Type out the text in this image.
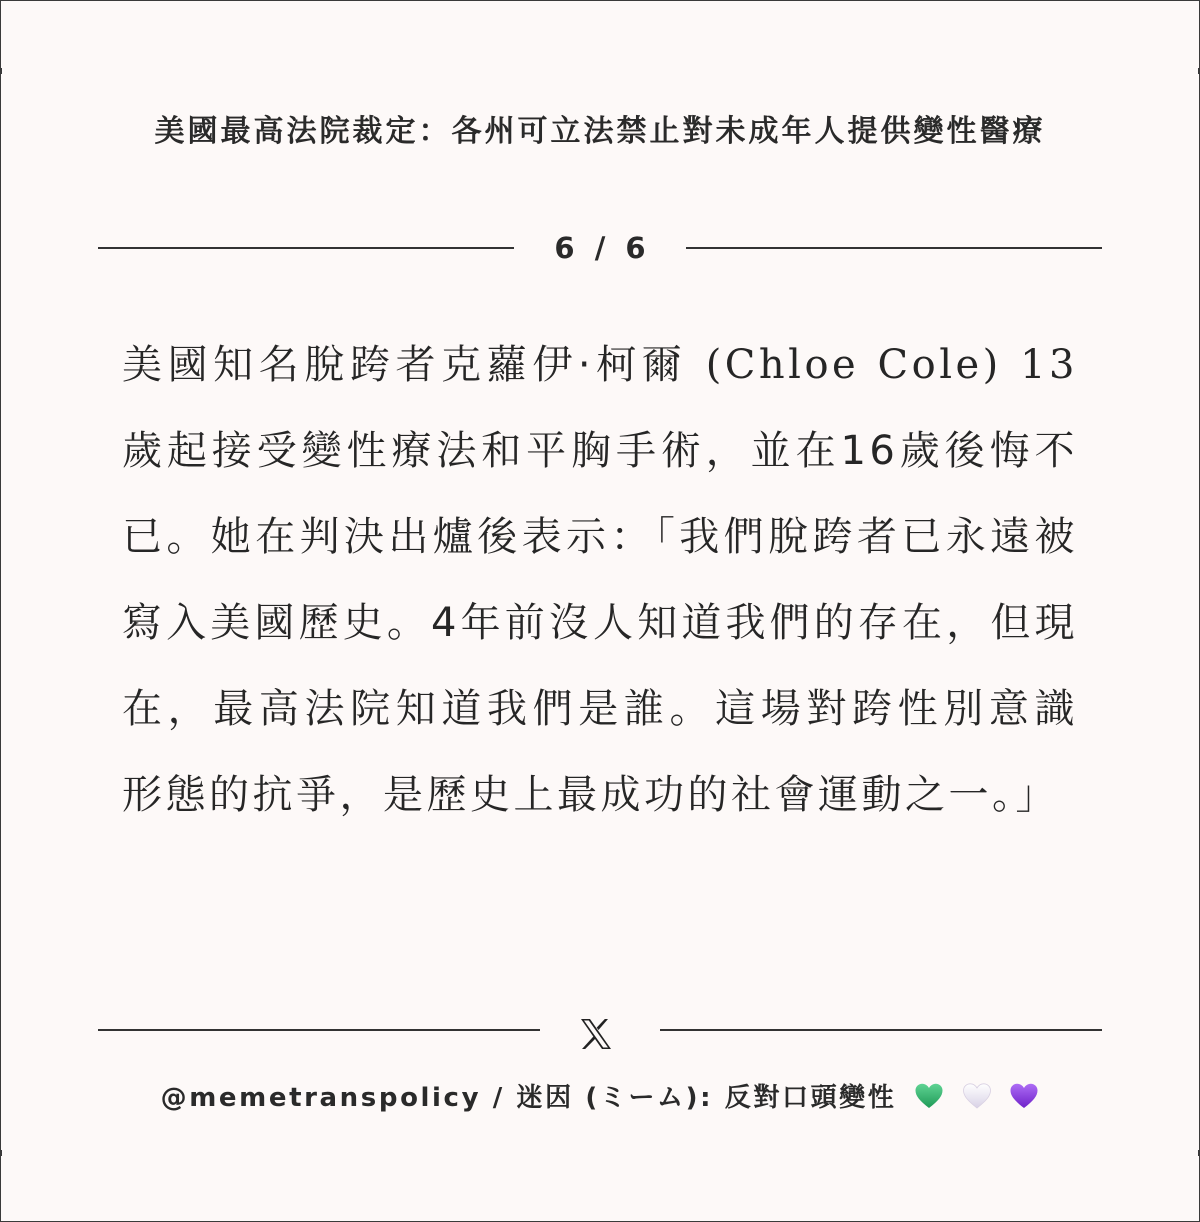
美國最高法院裁定：各州可立法禁止對未成年人提供變性醫療
6 / 6
美國知名脫跨者克蘿伊·柯爾 (Chloe Cole) 13歲起接受變性療法和平胸手術，並在16歲後悔不已。她在判決出爐後表示：「我們脫跨者已永遠被寫入美國歷史。4年前沒人知道我們的存在，但現在，最高法院知道我們是誰。這場對跨性別意識形態的抗爭，是歷史上最成功的社會運動之一。」
@memetranspolicy / 迷因 (ミーム): 反對口頭變性
